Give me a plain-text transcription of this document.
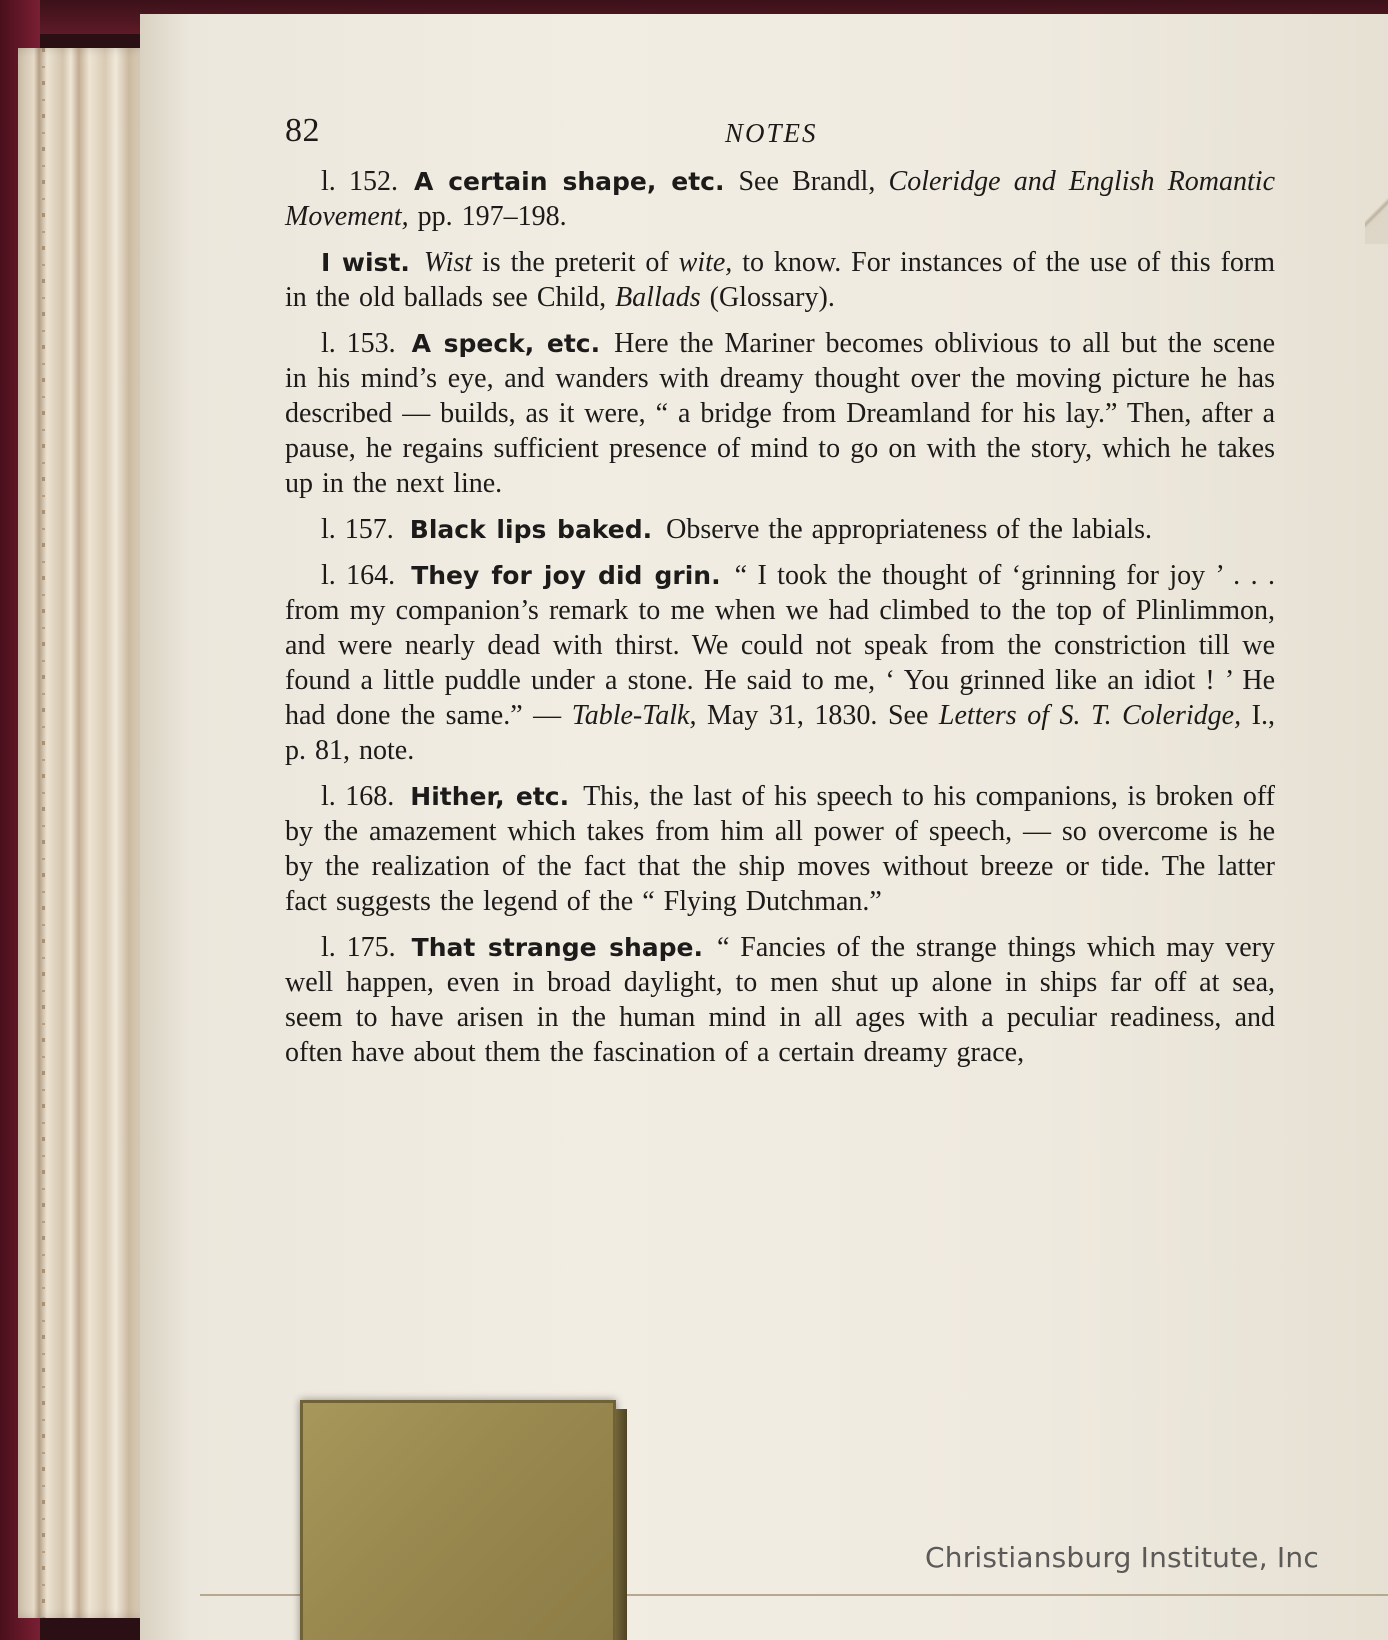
82	NOTES

l. 152. A certain shape, etc. See Brandl, Coleridge and English Romantic Movement, pp. 197–198.

I wist. Wist is the preterit of wite, to know. For instances of the use of this form in the old ballads see Child, Ballads (Glossary).

l. 153. A speck, etc. Here the Mariner becomes oblivious to all but the scene in his mind’s eye, and wanders with dreamy thought over the moving picture he has described — builds, as it were, “ a bridge from Dreamland for his lay.” Then, after a pause, he regains sufficient presence of mind to go on with the story, which he takes up in the next line.

l. 157. Black lips baked. Observe the appropriateness of the labials.

l. 164. They for joy did grin. “ I took the thought of ‘grinning for joy ’ . . . from my companion’s remark to me when we had climbed to the top of Plinlimmon, and were nearly dead with thirst. We could not speak from the constriction till we found a little puddle under a stone. He said to me, ‘ You grinned like an idiot ! ’ He had done the same.” — Table-Talk, May 31, 1830. See Letters of S. T. Coleridge, I., p. 81, note.

l. 168. Hither, etc. This, the last of his speech to his companions, is broken off by the amazement which takes from him all power of speech, — so overcome is he by the realization of the fact that the ship moves without breeze or tide. The latter fact suggests the legend of the “ Flying Dutchman.”

l. 175. That strange shape. “ Fancies of the strange things which may very well happen, even in broad daylight, to men shut up alone in ships far off at sea, seem to have arisen in the human mind in all ages with a peculiar readiness, and often have about them the fascination of a certain dreamy grace,

Christiansburg Institute, Inc
